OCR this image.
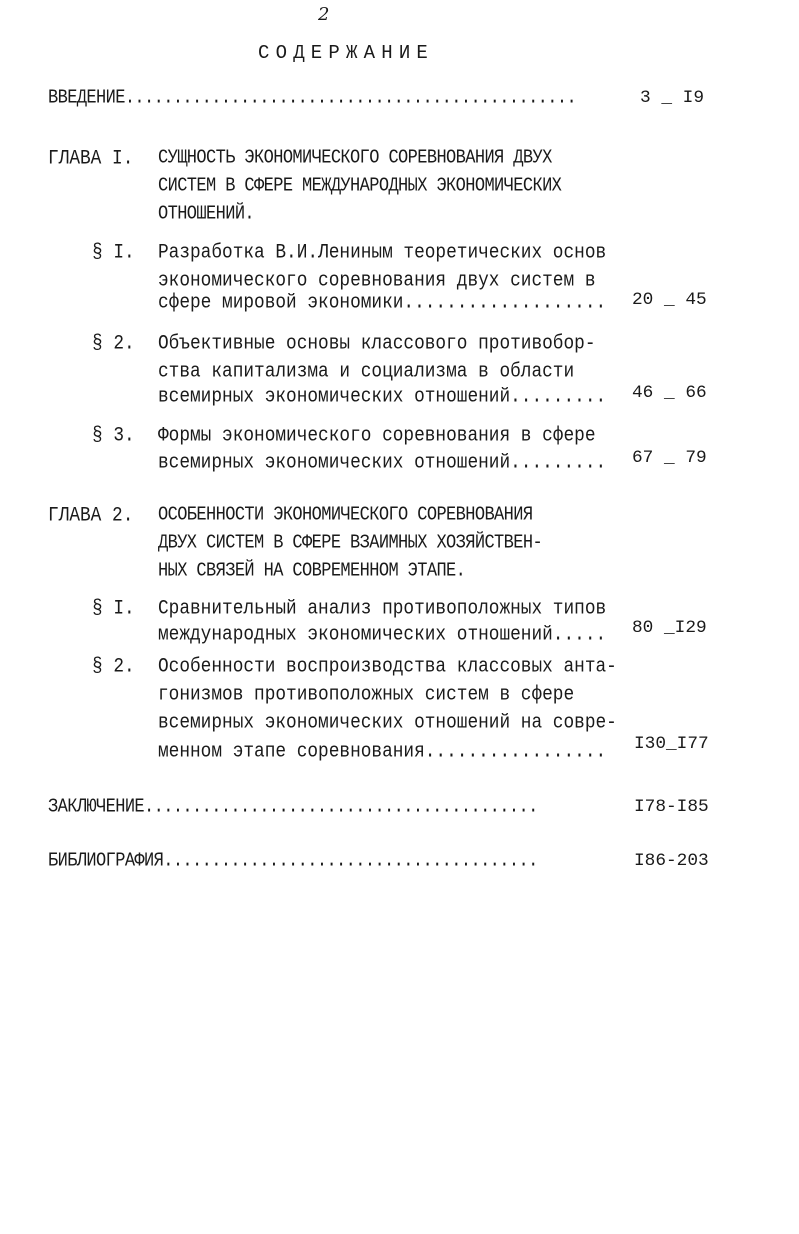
2
СОДЕРЖАНИЕ
ВВЕДЕНИЕ...............................................	3 _ I9
ГЛАВА I. СУЩНОСТЬ ЭКОНОМИЧЕСКОГО СОРЕВНОВАНИЯ ДВУХ
СИСТЕМ В СФЕРЕ МЕЖДУНАРОДНЫХ ЭКОНОМИЧЕСКИХ
ОТНОШЕНИЙ.
§ I. Разработка В.И.Лениным теоретических основ
экономического соревнования двух систем в
сфере мировой экономики................... 20 _ 45
§ 2. Объективные основы классового противобор-
ства капитализма и социализма в области
всемирных экономических отношений......... 46 _ 66
§ 3. Формы экономического соревнования в сфере
всемирных экономических отношений......... 67 _ 79
ГЛАВА 2. ОСОБЕННОСТИ ЭКОНОМИЧЕСКОГО СОРЕВНОВАНИЯ
ДВУХ СИСТЕМ В СФЕРЕ ВЗАИМНЫХ ХОЗЯЙСТВЕН-
НЫХ СВЯЗЕЙ НА СОВРЕМЕННОМ ЭТАПЕ.
§ I. Сравнительный анализ противоположных типов
международных экономических отношений..... 80 _I29
§ 2. Особенности воспроизводства классовых анта-
гонизмов противоположных систем в сфере
всемирных экономических отношений на совре-
менном этапе соревнования................. I30_I77
ЗАКЛЮЧЕНИЕ.........................................	I78-I85
БИБЛИОГРАФИЯ.......................................	I86-203
